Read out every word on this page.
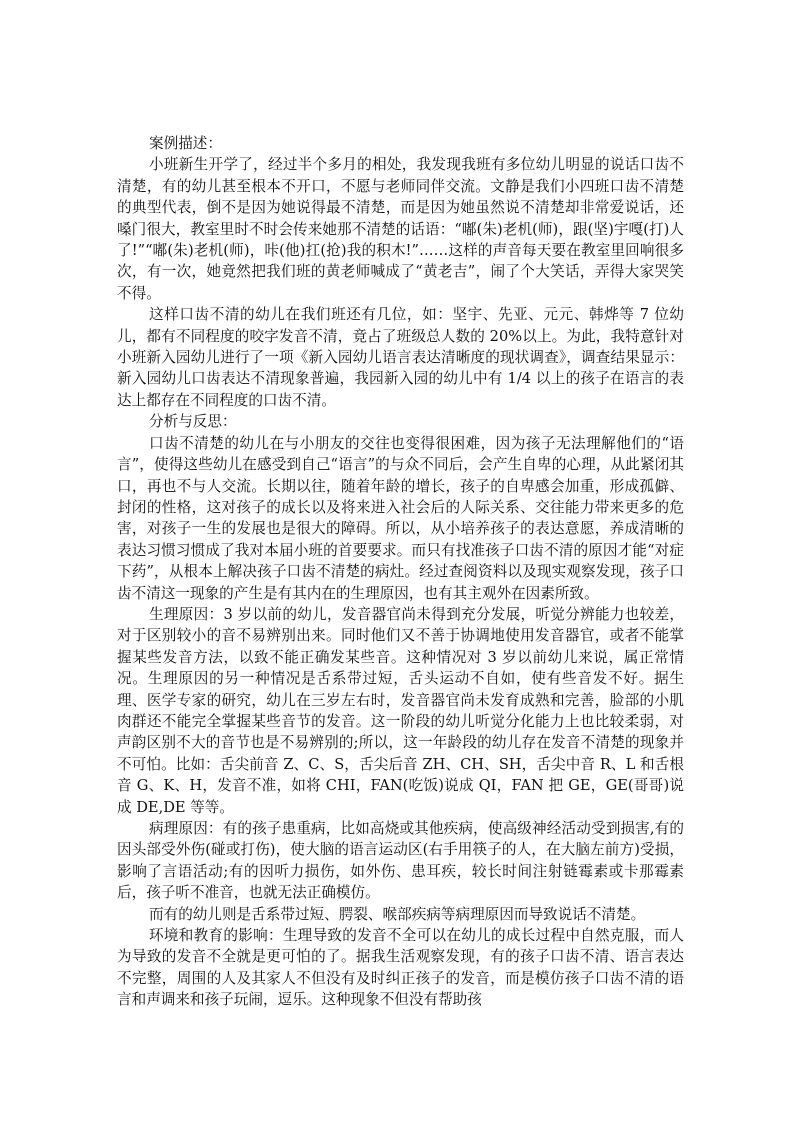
案例描述：

小班新生开学了，经过半个多月的相处，我发现我班有多位幼儿明显的说话口齿不清楚，有的幼儿甚至根本不开口，不愿与老师同伴交流。文静是我们小四班口齿不清楚的典型代表，倒不是因为她说得最不清楚，而是因为她虽然说不清楚却非常爱说话，还嗓门很大，教室里时不时会传来她那不清楚的话语：“嘟(朱)老机(师)，跟(坚)宇嘎(打)人了!”“嘟(朱)老机(师)，咔(他)扛(抢)我的积木!”……这样的声音每天要在教室里回响很多次，有一次，她竟然把我们班的黄老师喊成了“黄老吉”，闹了个大笑话，弄得大家哭笑不得。

这样口齿不清的幼儿在我们班还有几位，如：坚宇、先亚、元元、韩烨等 7 位幼儿，都有不同程度的咬字发音不清，竟占了班级总人数的 20%以上。为此，我特意针对小班新入园幼儿进行了一项《新入园幼儿语言表达清晰度的现状调查》，调查结果显示：新入园幼儿口齿表达不清现象普遍，我园新入园的幼儿中有 1/4 以上的孩子在语言的表达上都存在不同程度的口齿不清。

分析与反思：

口齿不清楚的幼儿在与小朋友的交往也变得很困难，因为孩子无法理解他们的“语言”，使得这些幼儿在感受到自己“语言”的与众不同后，会产生自卑的心理，从此紧闭其口，再也不与人交流。长期以往，随着年龄的增长，孩子的自卑感会加重，形成孤僻、封闭的性格，这对孩子的成长以及将来进入社会后的人际关系、交往能力带来更多的危害，对孩子一生的发展也是很大的障碍。所以，从小培养孩子的表达意愿，养成清晰的表达习惯习惯成了我对本届小班的首要要求。而只有找准孩子口齿不清的原因才能“对症下药”，从根本上解决孩子口齿不清楚的病灶。经过查阅资料以及现实观察发现，孩子口齿不清这一现象的产生是有其内在的生理原因，也有其主观外在因素所致。

生理原因：3 岁以前的幼儿，发音器官尚未得到充分发展，听觉分辨能力也较差，对于区别较小的音不易辨别出来。同时他们又不善于协调地使用发音器官，或者不能掌握某些发音方法，以致不能正确发某些音。这种情况对 3 岁以前幼儿来说，属正常情况。生理原因的另一种情况是舌系带过短，舌头运动不自如，使有些音发不好。据生理、医学专家的研究，幼儿在三岁左右时，发音器官尚未发育成熟和完善，脸部的小肌肉群还不能完全掌握某些音节的发音。这一阶段的幼儿听觉分化能力上也比较柔弱，对声韵区别不大的音节也是不易辨别的;所以，这一年龄段的幼儿存在发音不清楚的现象并不可怕。比如：舌尖前音 Z、C、S，舌尖后音 ZH、CH、SH，舌尖中音 R、L 和舌根音 G、K、H，发音不准，如将 CHI，FAN(吃饭)说成 QI，FAN 把 GE，GE(哥哥)说成 DE,DE 等等。

病理原因：有的孩子患重病，比如高烧或其他疾病，使高级神经活动受到损害,有的因头部受外伤(碰或打伤)，使大脑的语言运动区(右手用筷子的人，在大脑左前方)受损，影响了言语活动;有的因听力损伤，如外伤、患耳疾，较长时间注射链霉素或卡那霉素后，孩子听不准音，也就无法正确模仿。

而有的幼儿则是舌系带过短、腭裂、喉部疾病等病理原因而导致说话不清楚。

环境和教育的影响：生理导致的发音不全可以在幼儿的成长过程中自然克服，而人为导致的发音不全就是更可怕的了。据我生活观察发现，有的孩子口齿不清、语言表达不完整，周围的人及其家人不但没有及时纠正孩子的发音，而是模仿孩子口齿不清的语言和声调来和孩子玩闹，逗乐。这种现象不但没有帮助孩
